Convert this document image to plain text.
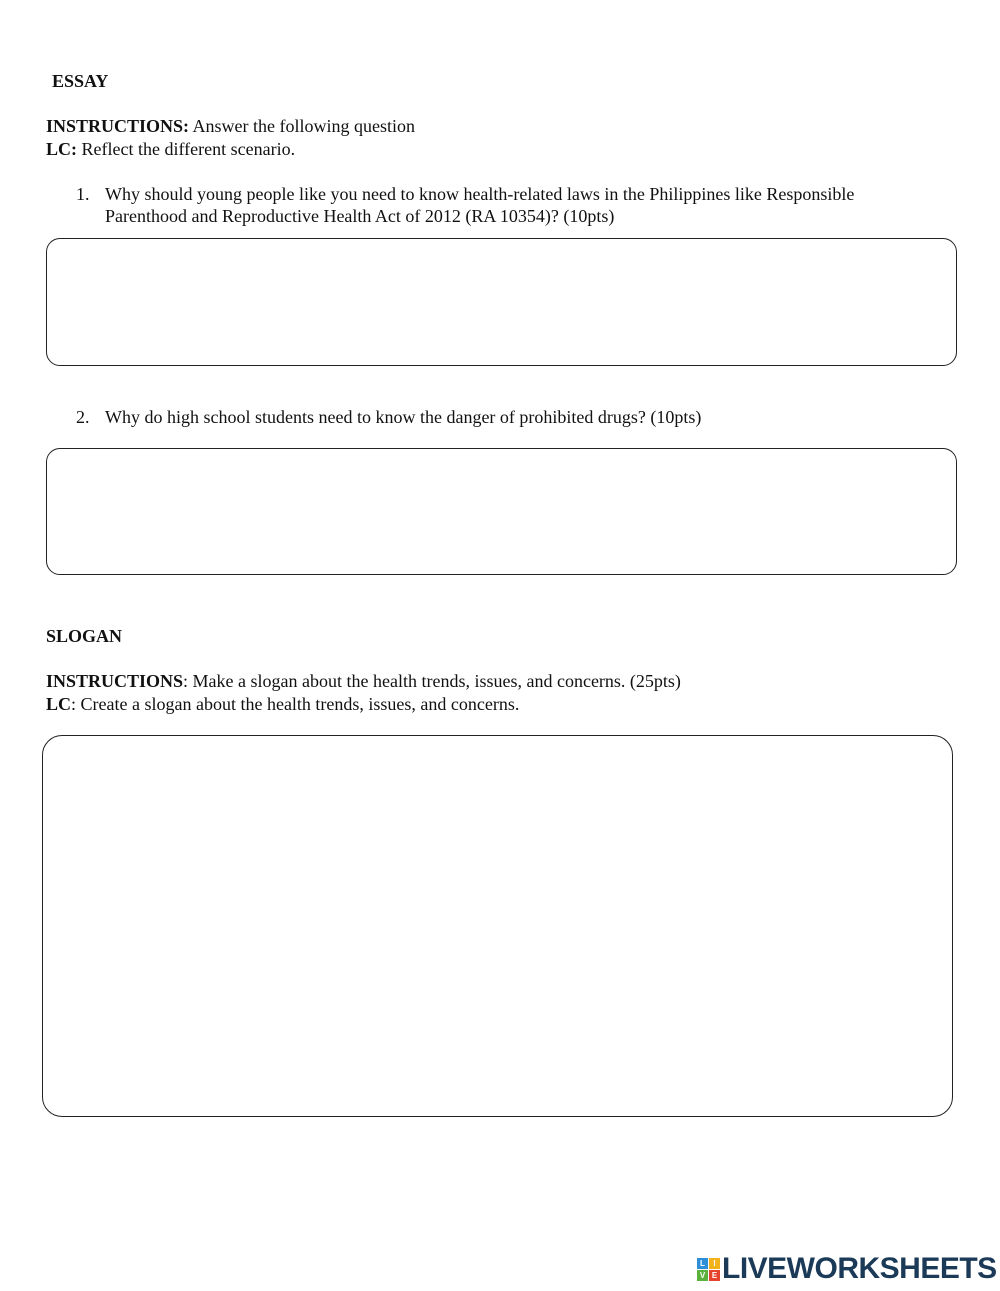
ESSAY
INSTRUCTIONS: Answer the following question
LC: Reflect the different scenario.
1. Why should young people like you need to know health-related laws in the Philippines like Responsible
Parenthood and Reproductive Health Act of 2012 (RA 10354)? (10pts)
2. Why do high school students need to know the danger of prohibited drugs? (10pts)
SLOGAN
INSTRUCTIONS: Make a slogan about the health trends, issues, and concerns. (25pts)
LC: Create a slogan about the health trends, issues, and concerns.
L	I
V E LIVEWORKSHEETS
